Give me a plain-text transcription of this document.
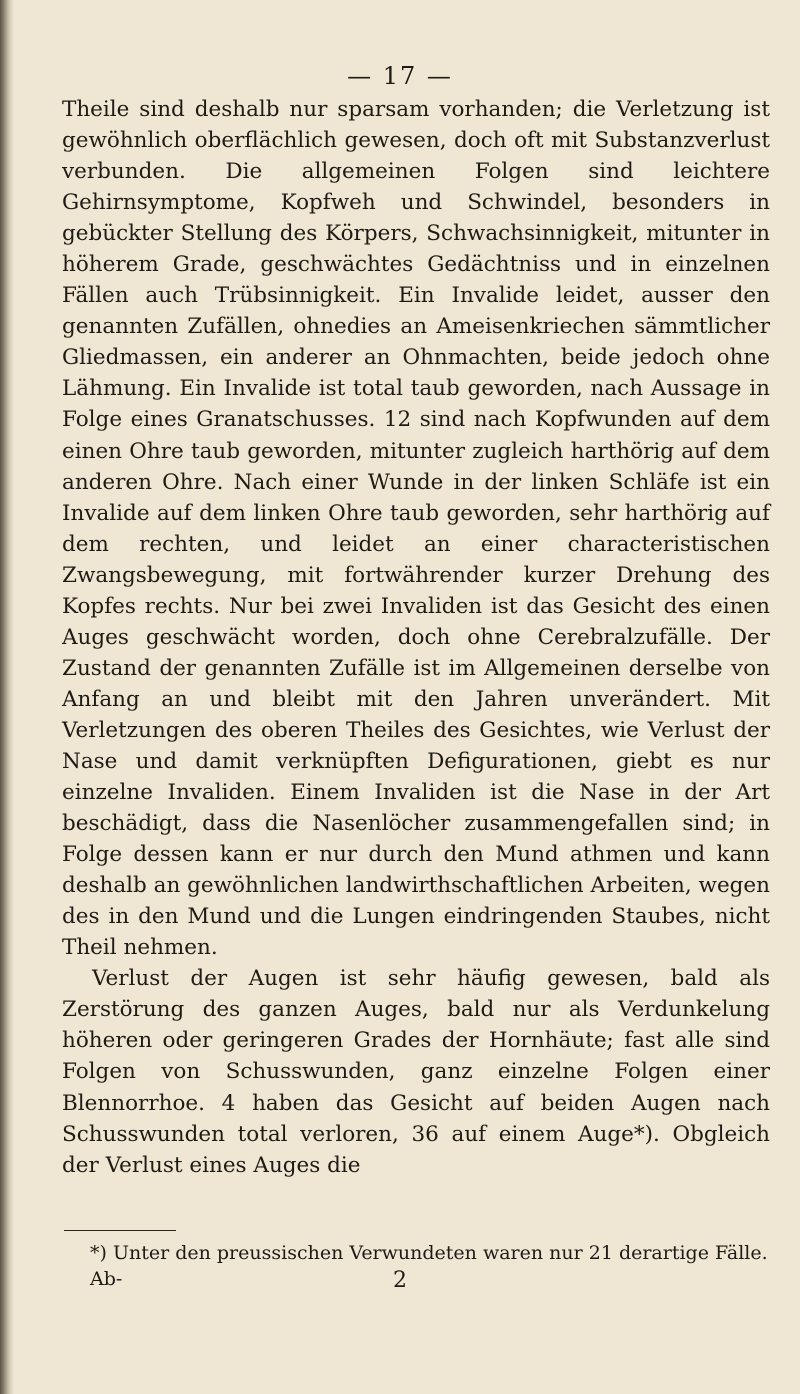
— 17 —

Theile sind deshalb nur sparsam vorhanden; die Verletzung ist gewöhnlich oberflächlich gewesen, doch oft mit Substanzverlust verbunden. Die allgemeinen Folgen sind leichtere Gehirnsymptome, Kopfweh und Schwindel, besonders in gebückter Stellung des Körpers, Schwachsinnigkeit, mitunter in höherem Grade, geschwächtes Gedächtniss und in einzelnen Fällen auch Trübsinnigkeit. Ein Invalide leidet, ausser den genannten Zufällen, ohnedies an Ameisenkriechen sämmtlicher Gliedmassen, ein anderer an Ohnmachten, beide jedoch ohne Lähmung. Ein Invalide ist total taub geworden, nach Aussage in Folge eines Granatschusses. 12 sind nach Kopfwunden auf dem einen Ohre taub geworden, mitunter zugleich harthörig auf dem anderen Ohre. Nach einer Wunde in der linken Schläfe ist ein Invalide auf dem linken Ohre taub geworden, sehr harthörig auf dem rechten, und leidet an einer characteristischen Zwangsbewegung, mit fortwährender kurzer Drehung des Kopfes rechts. Nur bei zwei Invaliden ist das Gesicht des einen Auges geschwächt worden, doch ohne Cerebralzufälle. Der Zustand der genannten Zufälle ist im Allgemeinen derselbe von Anfang an und bleibt mit den Jahren unverändert. Mit Verletzungen des oberen Theiles des Gesichtes, wie Verlust der Nase und damit verknüpften Defigurationen, giebt es nur einzelne Invaliden. Einem Invaliden ist die Nase in der Art beschädigt, dass die Nasenlöcher zusammengefallen sind; in Folge dessen kann er nur durch den Mund athmen und kann deshalb an gewöhnlichen landwirthschaftlichen Arbeiten, wegen des in den Mund und die Lungen eindringenden Staubes, nicht Theil nehmen.

Verlust der Augen ist sehr häufig gewesen, bald als Zerstörung des ganzen Auges, bald nur als Verdunkelung höheren oder geringeren Grades der Hornhäute; fast alle sind Folgen von Schusswunden, ganz einzelne Folgen einer Blennorrhoe. 4 haben das Gesicht auf beiden Augen nach Schusswunden total verloren, 36 auf einem Auge*). Obgleich der Verlust eines Auges die

*) Unter den preussischen Verwundeten waren nur 21 derartige Fälle. Ab-	2
